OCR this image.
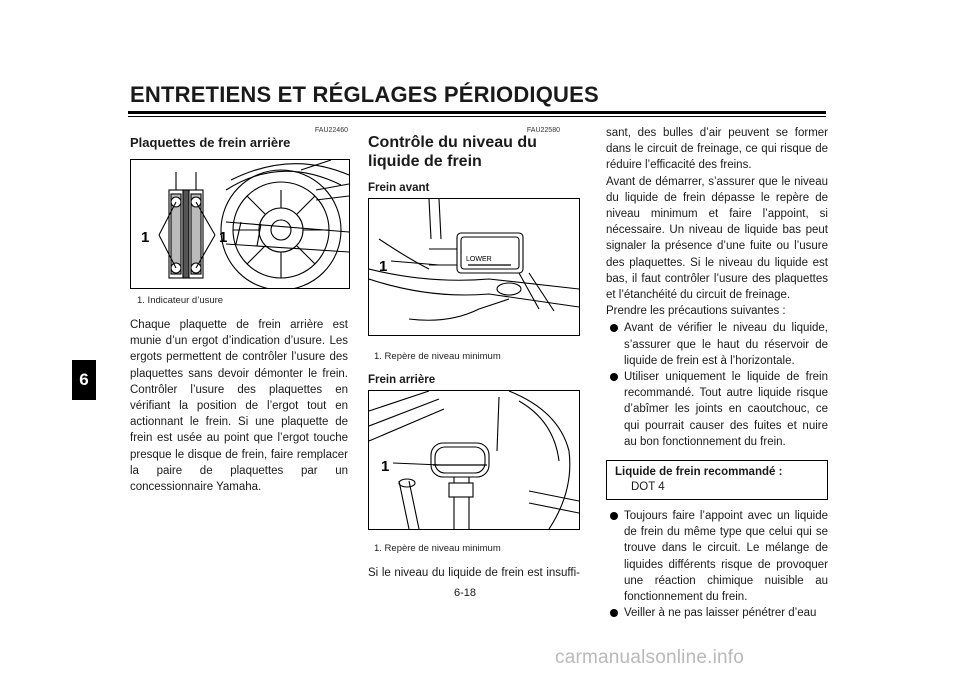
ENTRETIENS ET RÉGLAGES PÉRIODIQUES
6
FAU22460
Plaquettes de frein arrière
1	1
1. Indicateur d’usure
Chaque plaquette de frein arrière est munie d’un ergot d’indication d’usure. Les ergots permettent de contrôler l’usure des plaquettes sans devoir démonter le frein. Contrôler l’usure des plaquettes en vérifiant la position de l’ergot tout en actionnant le frein. Si une plaquette de frein est usée au point que l’ergot touche presque le disque de frein, faire remplacer la paire de plaquettes par un concessionnaire Yamaha.
FAU22580
Contrôle du niveau du liquide de frein
Frein avant
LOWER
1
1. Repère de niveau minimum
Frein arrière
1
1. Repère de niveau minimum
Si le niveau du liquide de frein est insuffi-
sant, des bulles d’air peuvent se former dans le circuit de freinage, ce qui risque de réduire l’efficacité des freins.
Avant de démarrer, s’assurer que le niveau du liquide de frein dépasse le repère de niveau minimum et faire l’appoint, si nécessaire. Un niveau de liquide bas peut signaler la présence d’une fuite ou l’usure des plaquettes. Si le niveau du liquide est bas, il faut contrôler l’usure des plaquettes et l’étanchéité du circuit de freinage.
Prendre les précautions suivantes :
Avant de vérifier le niveau du liquide, s’assurer que le haut du réservoir de liquide de frein est à l’horizontale.
Utiliser uniquement le liquide de frein recommandé. Tout autre liquide risque d’abîmer les joints en caoutchouc, ce qui pourrait causer des fuites et nuire au bon fonctionnement du frein.
Liquide de frein recommandé :
DOT 4
Toujours faire l’appoint avec un liquide de frein du même type que celui qui se trouve dans le circuit. Le mélange de liquides différents risque de provoquer une réaction chimique nuisible au fonctionnement du frein.
Veiller à ne pas laisser pénétrer d’eau
6-18
carmanualsonline.info
